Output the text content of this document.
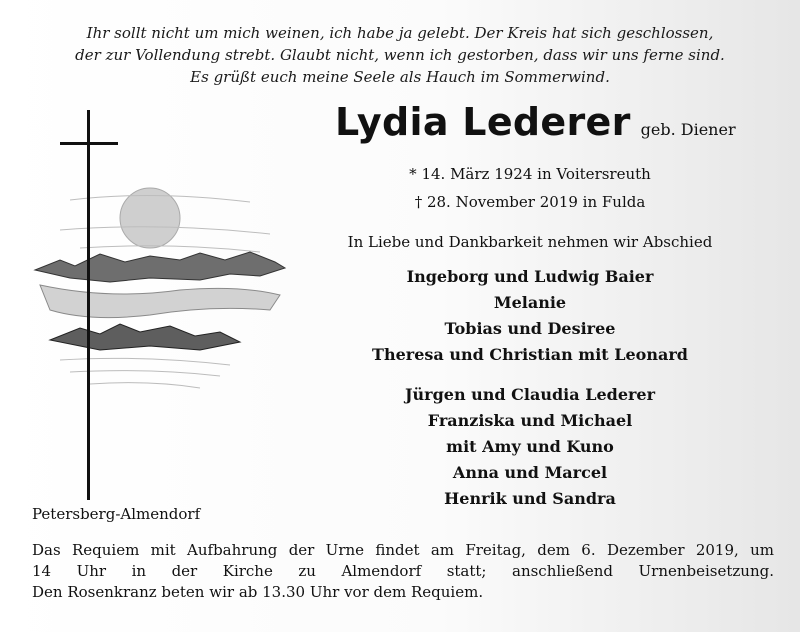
Ihr sollt nicht um mich weinen, ich habe ja gelebt. Der Kreis hat sich geschlossen,
der zur Vollendung strebt. Glaubt nicht, wenn ich gestorben, dass wir uns ferne sind.
Es grüßt euch meine Seele als Hauch im Sommerwind.
Lydia Lederer geb. Diener
* 14. März 1924 in Voitersreuth
† 28. November 2019 in Fulda
In Liebe und Dankbarkeit nehmen wir Abschied
Ingeborg und Ludwig Baier
Melanie
Tobias und Desiree
Theresa und Christian mit Leonard
Jürgen und Claudia Lederer
Franziska und Michael
mit Amy und Kuno
Anna und Marcel
Henrik und Sandra
Petersberg-Almendorf
Das Requiem mit Aufbahrung der Urne findet am Freitag, dem 6. Dezember 2019, um
14 Uhr in der Kirche zu Almendorf statt; anschließend Urnenbeisetzung.
Den Rosenkranz beten wir ab 13.30 Uhr vor dem Requiem.
